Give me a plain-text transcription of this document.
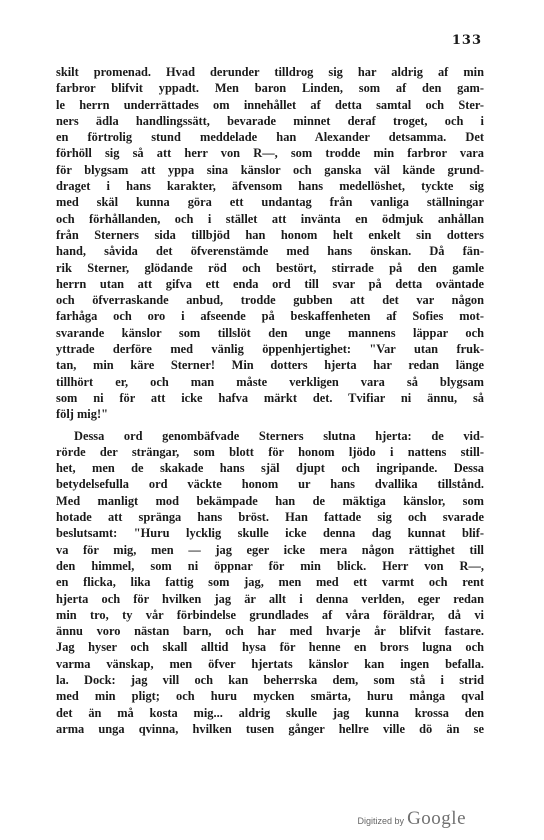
133
skilt promenad. Hvad derunder tilldrog sig har aldrig af min
farbror blifvit yppadt. Men baron Linden, som af den gam-
le herrn underrättades om innehållet af detta samtal och Ster-
ners ädla handlingssätt, bevarade minnet deraf troget, och i
en förtrolig stund meddelade han Alexander detsamma. Det
förhöll sig så att herr von R—, som trodde min farbror vara
för blygsam att yppa sina känslor och ganska väl kände grund-
draget i hans karakter, äfvensom hans medellöshet, tyckte sig
med skäl kunna göra ett undantag från vanliga ställningar
och förhållanden, och i stället att invänta en ödmjuk anhållan
från Sterners sida tillbjöd han honom helt enkelt sin dotters
hand, såvida det öfverenstämde med hans önskan. Då fän-
rik Sterner, glödande röd och bestört, stirrade på den gamle
herrn utan att gifva ett enda ord till svar på detta oväntade
och öfverraskande anbud, trodde gubben att det var någon
farhåga och oro i afseende på beskaffenheten af Sofies mot-
svarande känslor som tillslöt den unge mannens läppar och
yttrade derföre med vänlig öppenhjertighet: "Var utan fruk-
tan, min käre Sterner! Min dotters hjerta har redan länge
tillhört er, och man måste verkligen vara så blygsam
som ni för att icke hafva märkt det. Tvifiar ni ännu, så
följ mig!"
Dessa ord genombäfvade Sterners slutna hjerta: de vid-
rörde der strängar, som blott för honom ljödo i nattens still-
het, men de skakade hans själ djupt och ingripande. Dessa
betydelsefulla ord väckte honom ur hans dvallika tillstånd.
Med manligt mod bekämpade han de mäktiga känslor, som
hotade att spränga hans bröst. Han fattade sig och svarade
beslutsamt: "Huru lycklig skulle icke denna dag kunnat blif-
va för mig, men — jag eger icke mera någon rättighet till
den himmel, som ni öppnar för min blick. Herr von R—,
en flicka, lika fattig som jag, men med ett varmt och rent
hjerta och för hvilken jag är allt i denna verlden, eger redan
min tro, ty vår förbindelse grundlades af våra föräldrar, då vi
ännu voro nästan barn, och har med hvarje år blifvit fastare.
Jag hyser och skall alltid hysa för henne en brors lugna och
varma vänskap, men öfver hjertats känslor kan ingen befalla.
la. Dock: jag vill och kan beherrska dem, som stå i strid
med min pligt; och huru mycken smärta, huru många qval
det än må kosta mig... aldrig skulle jag kunna krossa den
arma unga qvinna, hvilken tusen gånger hellre ville dö än se
Digitized by Google
